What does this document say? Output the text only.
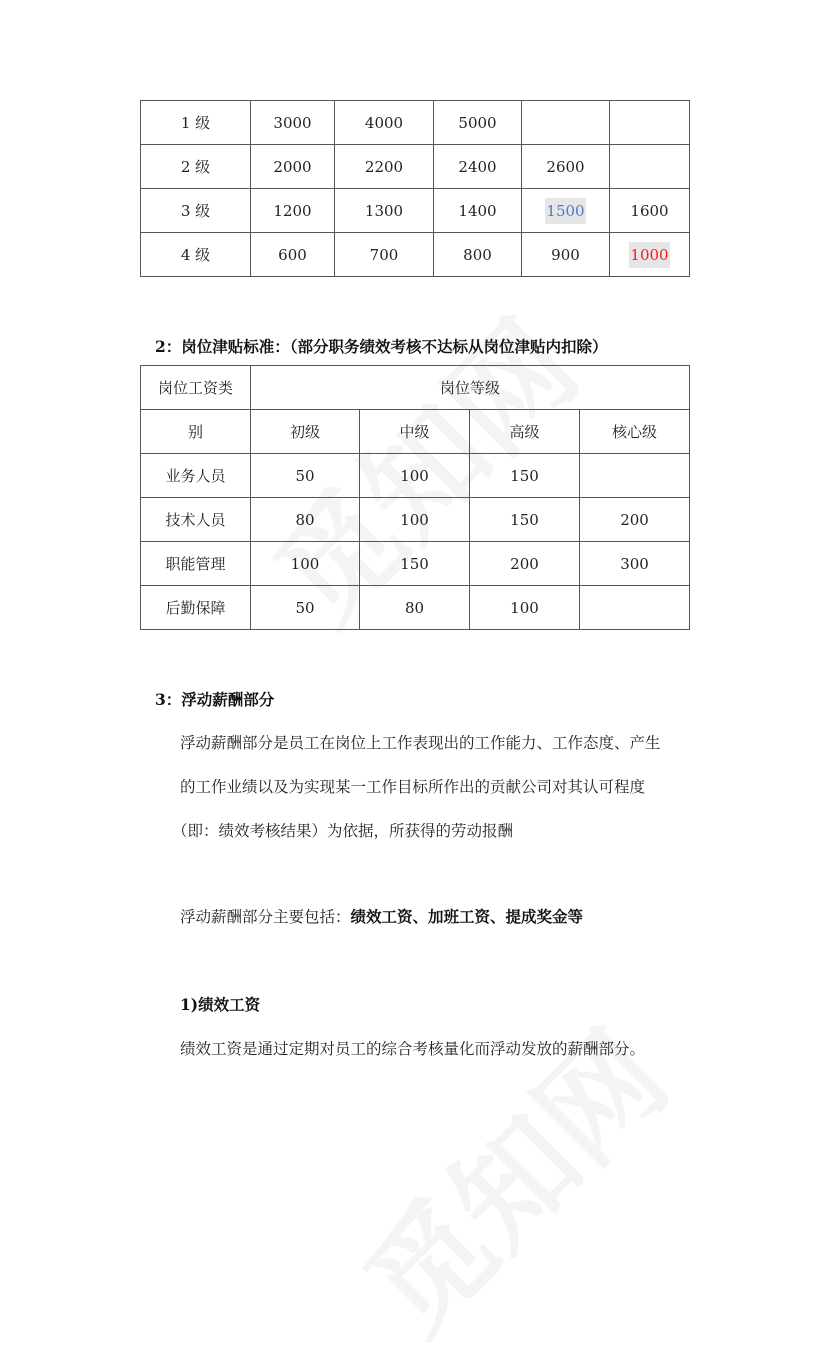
1 级	3000	4000	5000		
2 级	2000	2200	2400	2600	
3 级	1200	1300	1400	1500	1600
4 级	600	700	800	900	1000
2：岗位津贴标准：（部分职务绩效考核不达标从岗位津贴内扣除）
岗位工资类	岗位等级			
别	初级	中级	高级	核心级
业务人员	50	100	150	
技术人员	80	100	150	200
职能管理	100	150	200	300
后勤保障	50	80	100	
3：浮动薪酬部分
浮动薪酬部分是员工在岗位上工作表现出的工作能力、工作态度、产生
的工作业绩以及为实现某一工作目标所作出的贡献公司对其认可程度
（即：绩效考核结果）为依据，所获得的劳动报酬
浮动薪酬部分主要包括：绩效工资、加班工资、提成奖金等
1)绩效工资
绩效工资是通过定期对员工的综合考核量化而浮动发放的薪酬部分。
